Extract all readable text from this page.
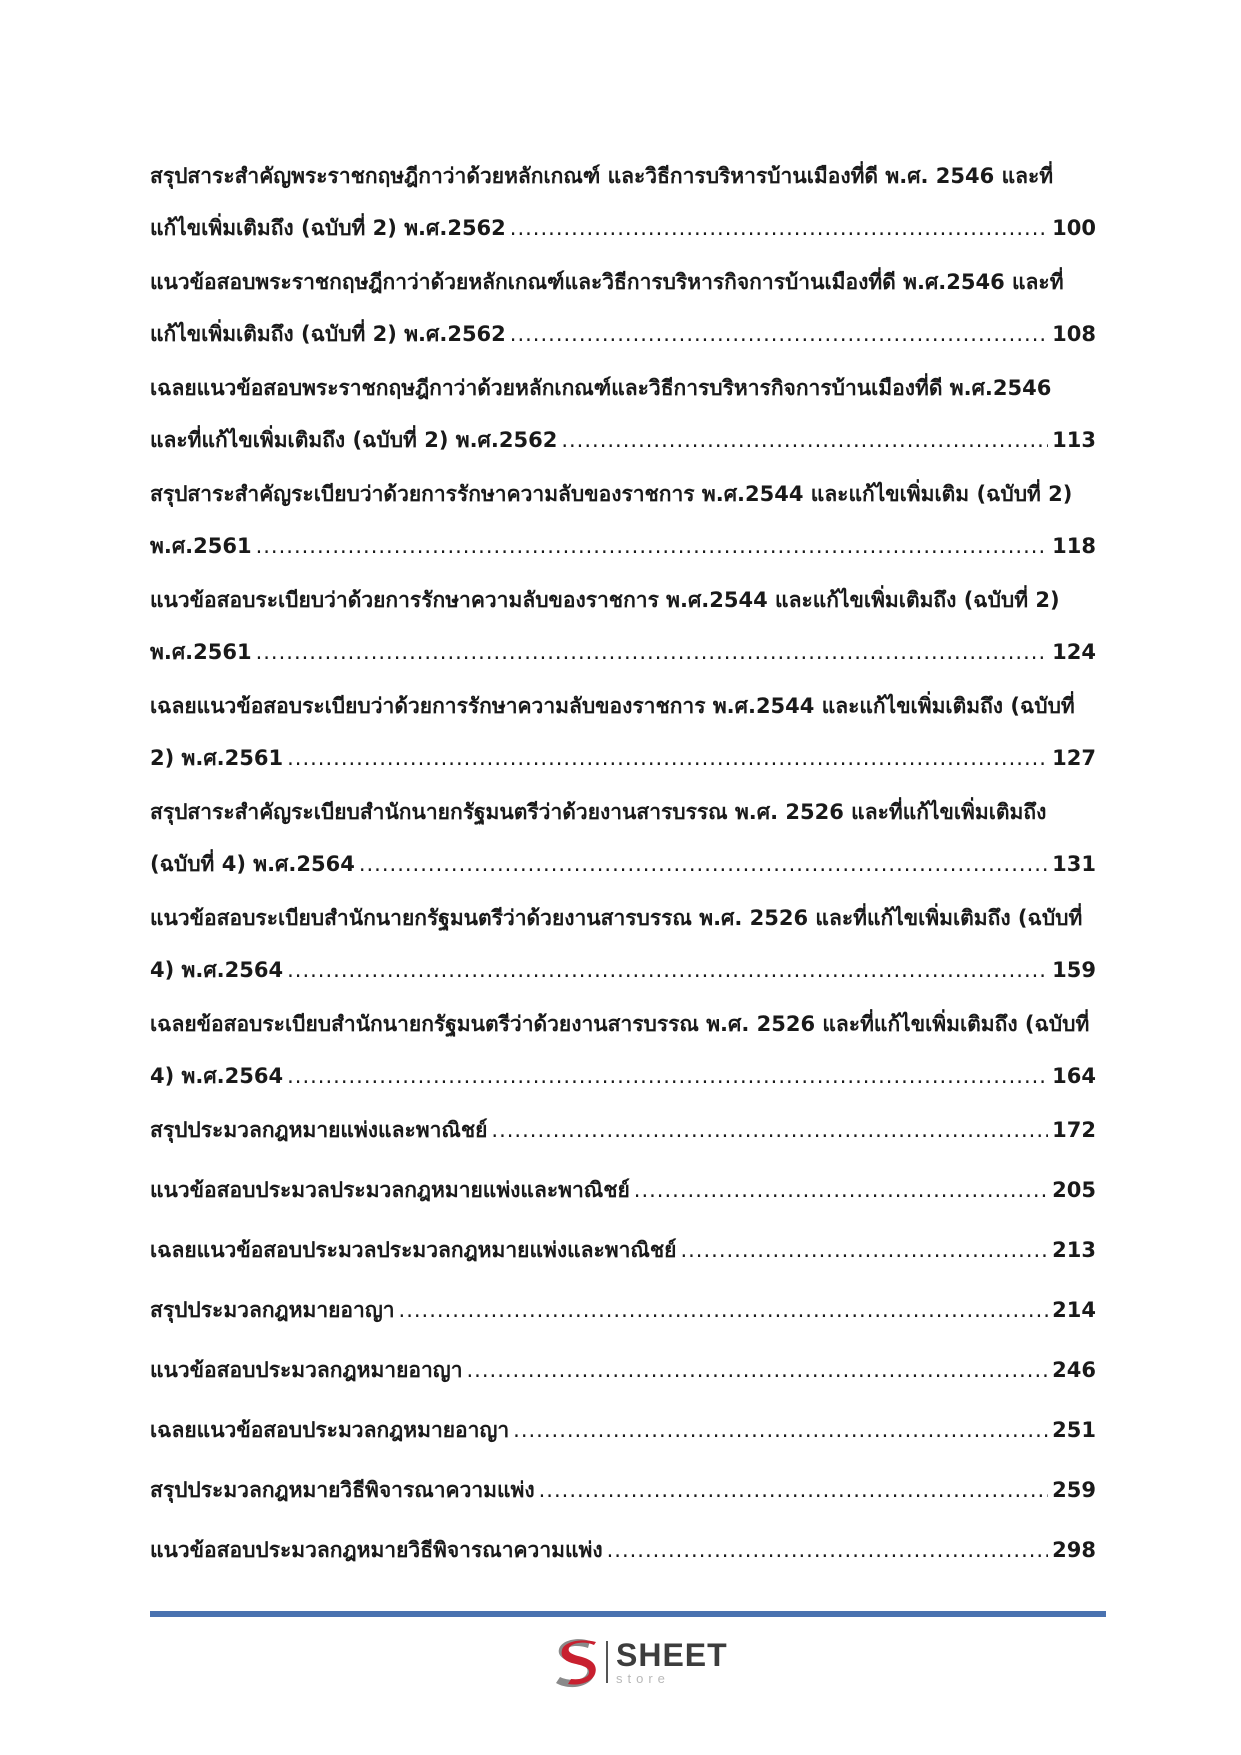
สรุปสาระสำคัญพระราชกฤษฎีกาว่าด้วยหลักเกณฑ์ และวิธีการบริหารบ้านเมืองที่ดี พ.ศ. 2546 และที่
แก้ไขเพิ่มเติมถึง (ฉบับที่ 2) พ.ศ.2562 .....	100
แนวข้อสอบพระราชกฤษฎีกาว่าด้วยหลักเกณฑ์และวิธีการบริหารกิจการบ้านเมืองที่ดี พ.ศ.2546 และที่
แก้ไขเพิ่มเติมถึง (ฉบับที่ 2) พ.ศ.2562 .....	108
เฉลยแนวข้อสอบพระราชกฤษฎีกาว่าด้วยหลักเกณฑ์และวิธีการบริหารกิจการบ้านเมืองที่ดี พ.ศ.2546
และที่แก้ไขเพิ่มเติมถึง (ฉบับที่ 2) พ.ศ.2562 .....	113
สรุปสาระสำคัญระเบียบว่าด้วยการรักษาความลับของราชการ พ.ศ.2544 และแก้ไขเพิ่มเติม (ฉบับที่ 2)
พ.ศ.2561 .....	118
แนวข้อสอบระเบียบว่าด้วยการรักษาความลับของราชการ พ.ศ.2544 และแก้ไขเพิ่มเติมถึง (ฉบับที่ 2)
พ.ศ.2561 .....	124
เฉลยแนวข้อสอบระเบียบว่าด้วยการรักษาความลับของราชการ พ.ศ.2544 และแก้ไขเพิ่มเติมถึง (ฉบับที่
2) พ.ศ.2561 .....	127
สรุปสาระสำคัญระเบียบสำนักนายกรัฐมนตรีว่าด้วยงานสารบรรณ พ.ศ. 2526 และที่แก้ไขเพิ่มเติมถึง
(ฉบับที่ 4) พ.ศ.2564 .....	131
แนวข้อสอบระเบียบสำนักนายกรัฐมนตรีว่าด้วยงานสารบรรณ พ.ศ. 2526 และที่แก้ไขเพิ่มเติมถึง (ฉบับที่
4) พ.ศ.2564 .....	159
เฉลยข้อสอบระเบียบสำนักนายกรัฐมนตรีว่าด้วยงานสารบรรณ พ.ศ. 2526 และที่แก้ไขเพิ่มเติมถึง (ฉบับที่
4) พ.ศ.2564 .....	164
สรุปประมวลกฎหมายแพ่งและพาณิชย์ .....	172
แนวข้อสอบประมวลประมวลกฎหมายแพ่งและพาณิชย์ .....	205
เฉลยแนวข้อสอบประมวลประมวลกฎหมายแพ่งและพาณิชย์ .....	213
สรุปประมวลกฎหมายอาญา .....	214
แนวข้อสอบประมวลกฎหมายอาญา .....	246
เฉลยแนวข้อสอบประมวลกฎหมายอาญา .....	251
สรุปประมวลกฎหมายวิธีพิจารณาความแพ่ง .....	259
แนวข้อสอบประมวลกฎหมายวิธีพิจารณาความแพ่ง .....	298
SHEET
store
